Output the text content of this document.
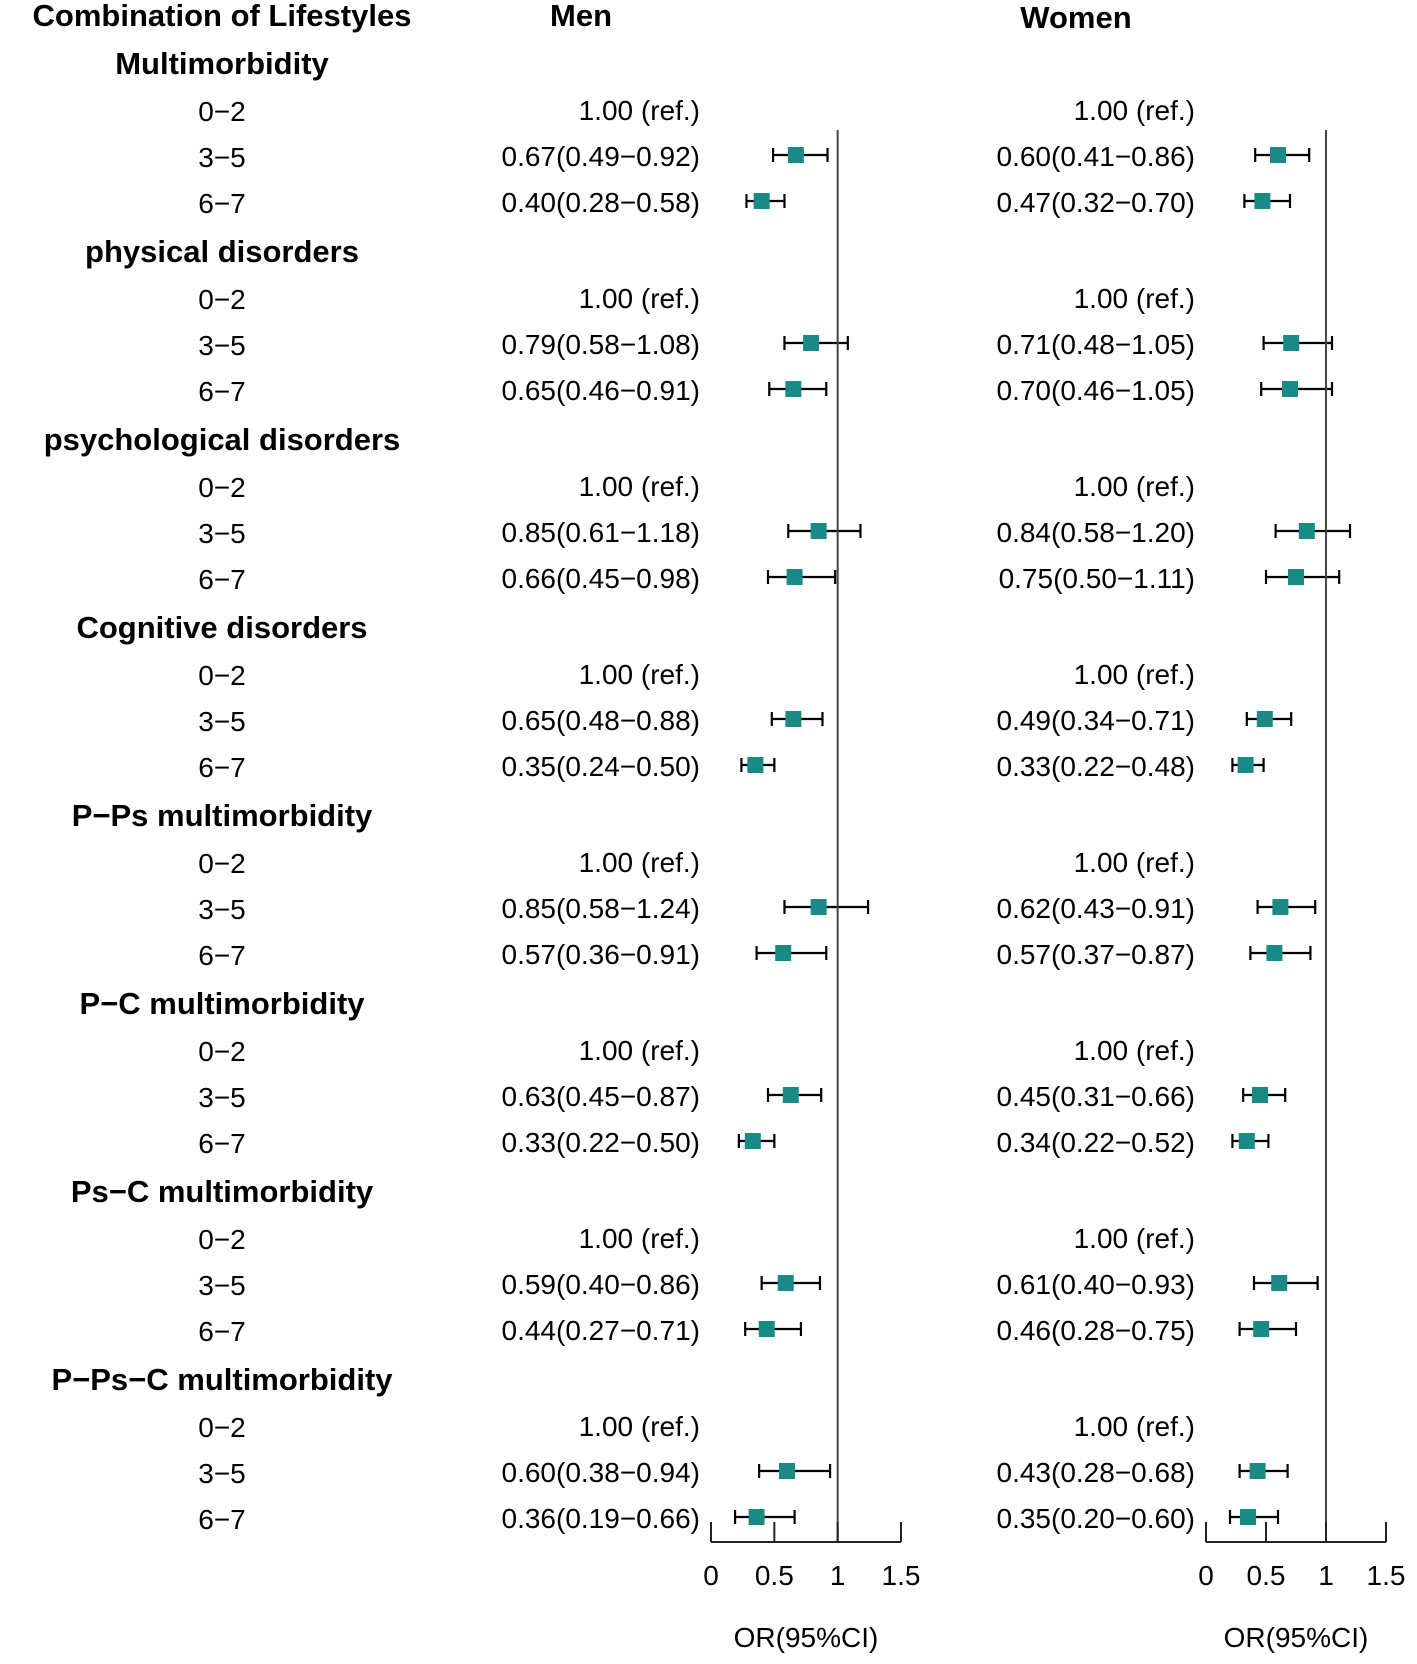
Combination of Lifestyles	Men	Women
Multimorbidity
0−2
3−5
6−7
physical disorders
0−2
3−5
6−7
psychological disorders
0−2
3−5
6−7
Cognitive disorders
0−2
3−5
6−7
P−Ps multimorbidity
0−2
3−5
6−7
P−C multimorbidity
0−2
3−5
6−7
Ps−C multimorbidity
0−2
3−5
6−7
P−Ps−C multimorbidity
0−2
3−5
6−7
1.00 (ref.)
0.67(0.49−0.92)
0.40(0.28−0.58)
1.00 (ref.)
0.79(0.58−1.08)
0.65(0.46−0.91)
1.00 (ref.)
0.85(0.61−1.18)
0.66(0.45−0.98)
1.00 (ref.)
0.65(0.48−0.88)
0.35(0.24−0.50)
1.00 (ref.)
0.85(0.58−1.24)
0.57(0.36−0.91)
1.00 (ref.)
0.63(0.45−0.87)
0.33(0.22−0.50)
1.00 (ref.)
0.59(0.40−0.86)
0.44(0.27−0.71)
1.00 (ref.)
0.60(0.38−0.94)
0.36(0.19−0.66)
0 0.5 1 1.5
OR(95%CI)
1.00 (ref.)
0.60(0.41−0.86)
0.47(0.32−0.70)
1.00 (ref.)
0.71(0.48−1.05)
0.70(0.46−1.05)
1.00 (ref.)
0.84(0.58−1.20)
0.75(0.50−1.11)
1.00 (ref.)
0.49(0.34−0.71)
0.33(0.22−0.48)
1.00 (ref.)
0.62(0.43−0.91)
0.57(0.37−0.87)
1.00 (ref.)
0.45(0.31−0.66)
0.34(0.22−0.52)
1.00 (ref.)
0.61(0.40−0.93)
0.46(0.28−0.75)
1.00 (ref.)
0.43(0.28−0.68)
0.35(0.20−0.60)
0 0.5 1 1.5
OR(95%CI)
